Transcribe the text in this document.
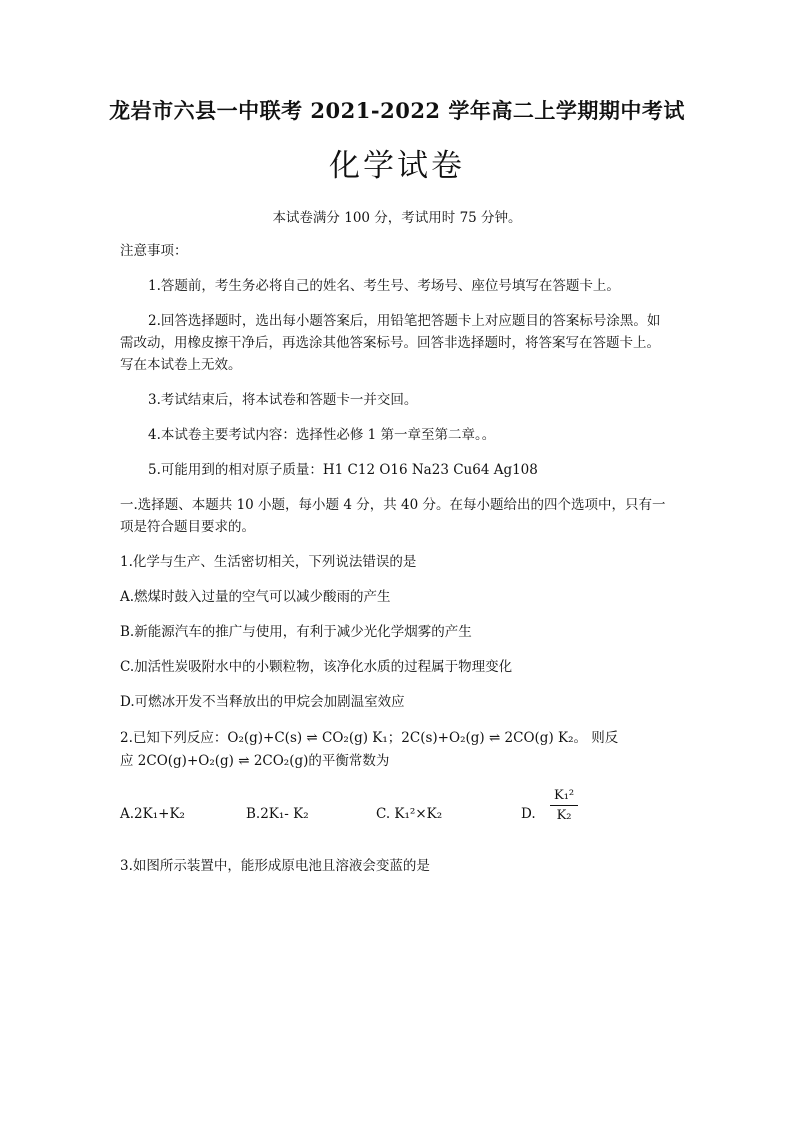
龙岩市六县一中联考 2021-2022 学年高二上学期期中考试
化学试卷
本试卷满分 100 分，考试用时 75 分钟。
注意事项：
1.答题前，考生务必将自己的姓名、考生号、考场号、座位号填写在答题卡上。
2.回答选择题时，选出每小题答案后，用铅笔把答题卡上对应题目的答案标号涂黑。如
需改动，用橡皮擦干净后，再选涂其他答案标号。回答非选择题时，将答案写在答题卡上。
写在本试卷上无效。
3.考试结束后，将本试卷和答题卡一并交回。
4.本试卷主要考试内容：选择性必修 1 第一章至第二章。。
5.可能用到的相对原子质量：H1 C12 O16 Na23 Cu64 Ag108
一.选择题、本题共 10 小题，每小题 4 分，共 40 分。在每小题给出的四个选项中，只有一
项是符合题目要求的。
1.化学与生产、生活密切相关，下列说法错误的是
A.燃煤时鼓入过量的空气可以减少酸雨的产生
B.新能源汽车的推广与使用，有利于减少光化学烟雾的产生
C.加活性炭吸附水中的小颗粒物，该净化水质的过程属于物理变化
D.可燃冰开发不当释放出的甲烷会加剧温室效应
2.已知下列反应：O₂(g)+C(s) ⇌ CO₂(g) K₁；2C(s)+O₂(g) ⇌ 2CO(g) K₂。 则反
应 2CO(g)+O₂(g) ⇌ 2CO₂(g)的平衡常数为
A.2K₁+K₂	B.2K₁- K₂	C. K₁²×K₂	D. $\frac{\text{K₁²}}{\text{K₂}}$
3.如图所示装置中，能形成原电池且溶液会变蓝的是
